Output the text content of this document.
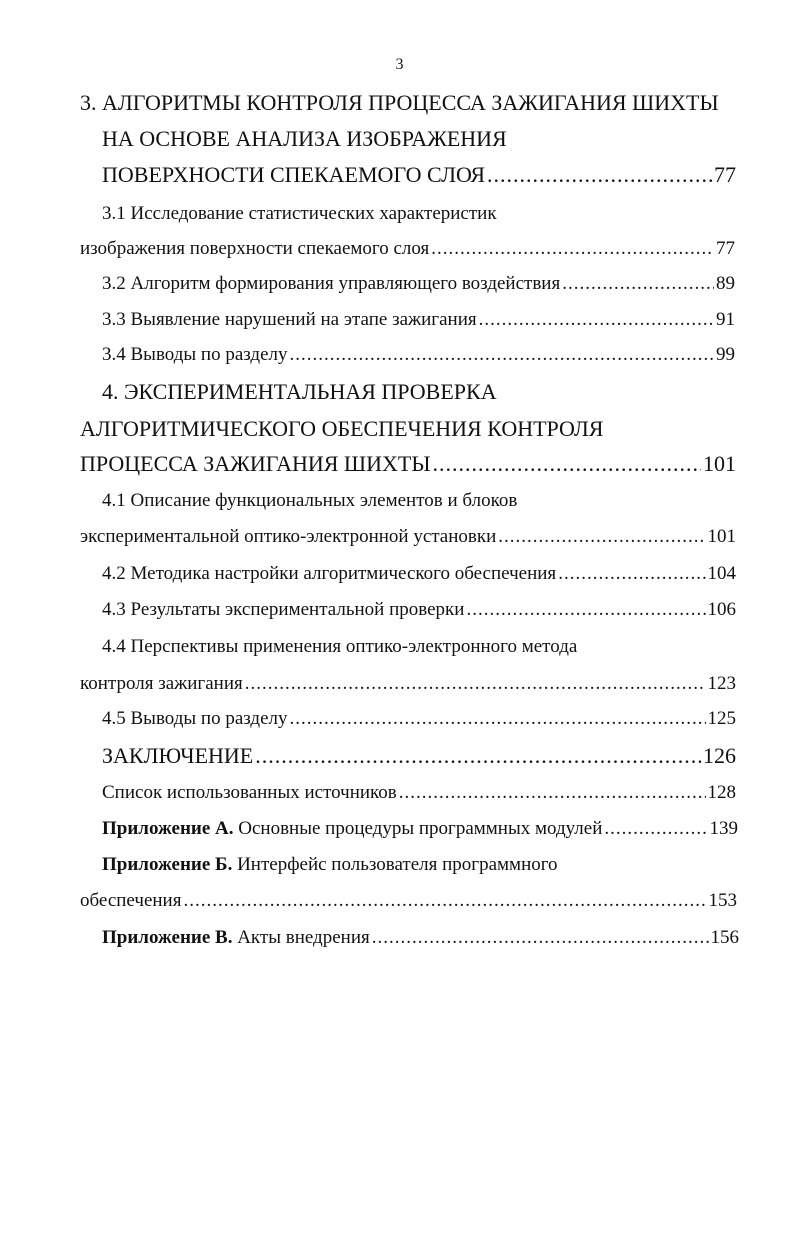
3
3. АЛГОРИТМЫ КОНТРОЛЯ ПРОЦЕССА ЗАЖИГАНИЯ ШИХТЫ
НА ОСНОВЕ АНАЛИЗА ИЗОБРАЖЕНИЯ
ПОВЕРХНОСТИ СПЕКАЕМОГО СЛОЯ .....	77
3.1 Исследование статистических характеристик
изображения поверхности спекаемого слоя .....	77
3.2 Алгоритм формирования управляющего воздействия .....	89
3.3 Выявление нарушений на этапе зажигания .....	91
3.4 Выводы по разделу .....	99
4. ЭКСПЕРИМЕНТАЛЬНАЯ ПРОВЕРКА
АЛГОРИТМИЧЕСКОГО ОБЕСПЕЧЕНИЯ КОНТРОЛЯ
ПРОЦЕССА ЗАЖИГАНИЯ ШИХТЫ .....	101
4.1 Описание функциональных элементов и блоков
экспериментальной оптико-электронной установки .....	101
4.2 Методика настройки алгоритмического обеспечения .....	104
4.3 Результаты экспериментальной проверки .....	106
4.4 Перспективы применения оптико-электронного метода
контроля зажигания .....	123
4.5 Выводы по разделу .....	125
ЗАКЛЮЧЕНИЕ .....	126
Список использованных источников .....	128
Приложение А. Основные процедуры программных модулей .....	139
Приложение Б. Интерфейс пользователя программного
обеспечения .....	153
Приложение В. Акты внедрения .....	156
